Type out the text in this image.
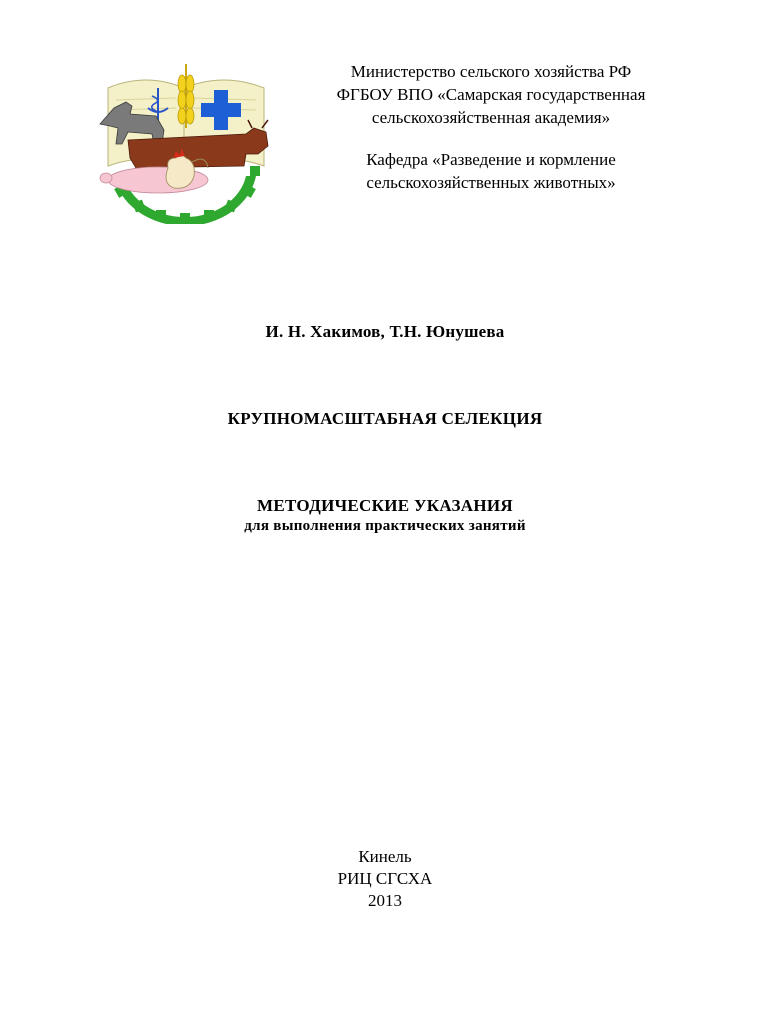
Министерство сельского хозяйства РФ
ФГБОУ ВПО «Самарская государственная
сельскохозяйственная академия»
Кафедра «Разведение и кормление
сельскохозяйственных животных»
И. Н. Хакимов, Т.Н. Юнушева
КРУПНОМАСШТАБНАЯ СЕЛЕКЦИЯ
МЕТОДИЧЕСКИЕ УКАЗАНИЯ
для выполнения практических занятий
Кинель
РИЦ СГСХА
2013
